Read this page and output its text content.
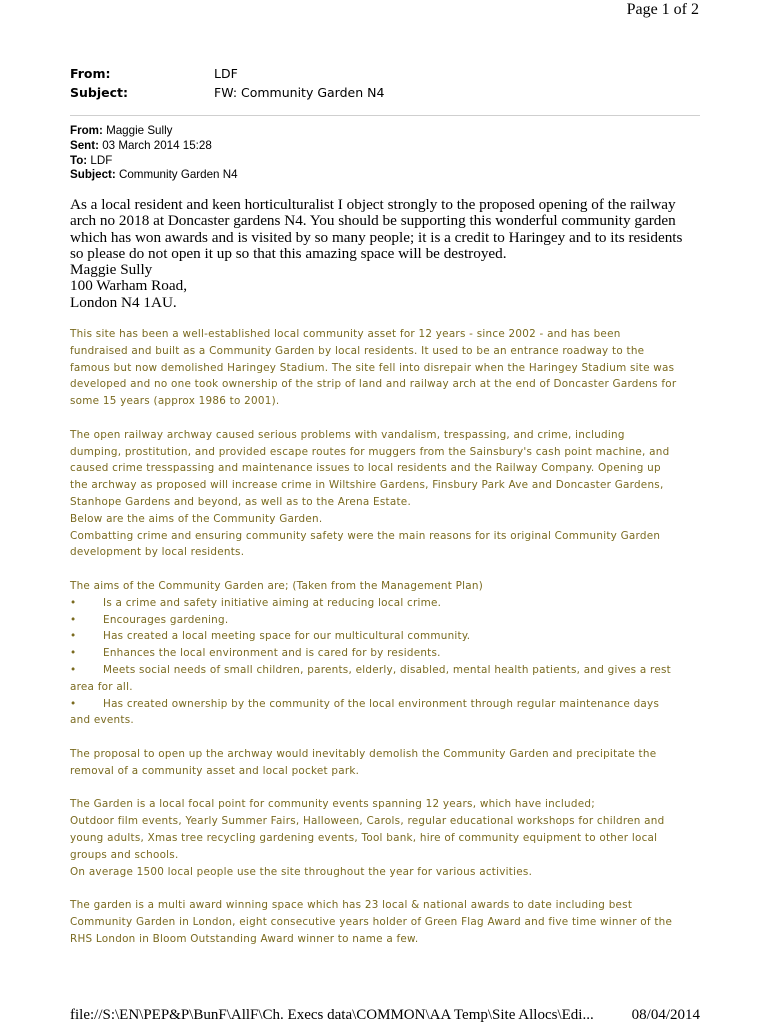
Page 1 of 2
From:	LDF
Subject:	FW: Community Garden N4
From: Maggie Sully
Sent: 03 March 2014 15:28
To: LDF
Subject: Community Garden N4
As a local resident and keen horticulturalist I object strongly to the proposed opening of the railway
arch no 2018 at Doncaster gardens N4. You should be supporting this wonderful community garden
which has won awards and is visited by so many people; it is a credit to Haringey and to its residents
so please do not open it up so that this amazing space will be destroyed.
Maggie Sully
100 Warham Road,
London N4 1AU.
This site has been a well-established local community asset for 12 years - since 2002 - and has been
fundraised and built as a Community Garden by local residents. It used to be an entrance roadway to the
famous but now demolished Haringey Stadium. The site fell into disrepair when the Haringey Stadium site was
developed and no one took ownership of the strip of land and railway arch at the end of Doncaster Gardens for
some 15 years (approx 1986 to 2001).
The open railway archway caused serious problems with vandalism, trespassing, and crime, including
dumping, prostitution, and provided escape routes for muggers from the Sainsbury's cash point machine, and
caused crime tresspassing and maintenance issues to local residents and the Railway Company. Opening up
the archway as proposed will increase crime in Wiltshire Gardens, Finsbury Park Ave and Doncaster Gardens,
Stanhope Gardens and beyond, as well as to the Arena Estate.
Below are the aims of the Community Garden.
Combatting crime and ensuring community safety were the main reasons for its original Community Garden
development by local residents.
The aims of the Community Garden are; (Taken from the Management Plan)
•	Is a crime and safety initiative aiming at reducing local crime.
•	Encourages gardening.
•	Has created a local meeting space for our multicultural community.
•	Enhances the local environment and is cared for by residents.
•	Meets social needs of small children, parents, elderly, disabled, mental health patients, and gives a rest
area for all.
•	Has created ownership by the community of the local environment through regular maintenance days
and events.
The proposal to open up the archway would inevitably demolish the Community Garden and precipitate the
removal of a community asset and local pocket park.
The Garden is a local focal point for community events spanning 12 years, which have included;
Outdoor film events, Yearly Summer Fairs, Halloween, Carols, regular educational workshops for children and
young adults, Xmas tree recycling gardening events, Tool bank, hire of community equipment to other local
groups and schools.
On average 1500 local people use the site throughout the year for various activities.
The garden is a multi award winning space which has 23 local & national awards to date including best
Community Garden in London, eight consecutive years holder of Green Flag Award and five time winner of the
RHS London in Bloom Outstanding Award winner to name a few.
file://S:\EN\PEP&P\BunF\AllF\Ch. Execs data\COMMON\AA Temp\Site Allocs\Edi...	08/04/2014
